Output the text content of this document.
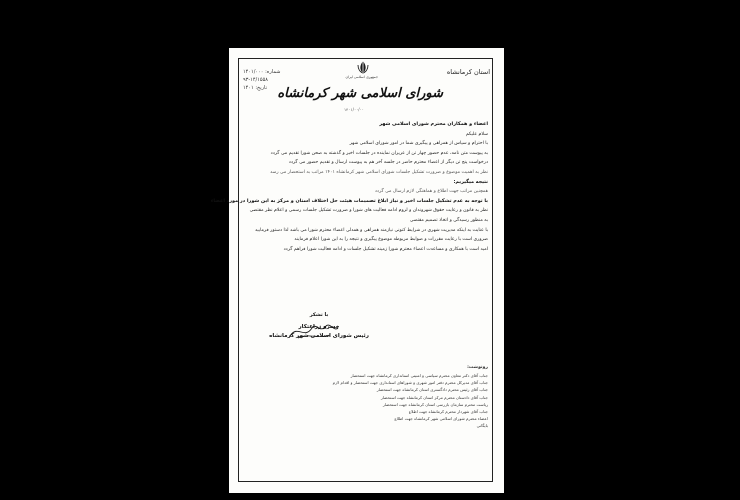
استان کرمانشاه
شماره: ۱۴۰۱/۰۰۰
۹۳-۱۴/۱۵۵۸
تاریخ: ۱۴۰۱
جمهوری اسلامی ایران
شورای اسلامی شهر کرمانشاه
۱۴۰۱/۰۰/۰۰
اعضاء و همکاران محترم شورای اسلامی شهر
سلام علیکم
با احترام و سپاس از همراهی و پیگیری شما در امور شورای اسلامی شهر
به پیوست متن نامه، عدم حضور چهار تن از عزیزان نماینده در جلسات اخیر و گذشته به صحن شورا تقدیم می گردد
درخواست پنج تن دیگر از اعضاء محترم حاضر در جلسه آخر هم به پیوست ارسال و تقدیم حضور می گردد
نظر به اهمیت موضوع و ضرورت تشکیل جلسات شورای اسلامی شهر کرمانشاه ۱۴۰۱ مراتب به استحضار می رسد
نتیجه میگیریم:
همچنین مراتب جهت اطلاع و هماهنگی لازم ارسال می گردد
با توجه به عدم تشکیل جلسات اخیر و نیاز ابلاغ تصمیمات هیئت حل اختلاف استان و مرکز به این شورا در مورد اعضاء
نظر به قانون و رعایت حقوق شهروندان و لزوم ادامه فعالیت های شورا و ضرورت تشکیل جلسات رسمی و اعلام نظر مقتضی
به منظور رسیدگی و اتخاذ تصمیم مقتضی
با عنایت به اینکه مدیریت شهری در شرایط کنونی نیازمند همراهی و همدلی اعضاء محترم شورا می باشد لذا دستور فرمایید
ضروری است با رعایت مقررات و ضوابط مربوطه موضوع پیگیری و نتیجه را به این شورا اعلام فرمایند
امید است با همکاری و مساعدت اعضاء محترم شورا زمینه تشکیل جلسات و ادامه فعالیت شورا فراهم گردد
با تشکر
خسرو زراعتکار
رئیس شورای اسلامی شهر کرمانشاه
رونوشت:
جناب آقای دکتر معاون محترم سیاسی و امنیتی استانداری کرمانشاه جهت استحضار
جناب آقای مدیرکل محترم دفتر امور شهری و شوراهای استانداری جهت استحضار و اقدام لازم
جناب آقای رئیس محترم دادگستری استان کرمانشاه جهت استحضار
جناب آقای دادستان محترم مرکز استان کرمانشاه جهت استحضار
ریاست محترم سازمان بازرسی استان کرمانشاه جهت استحضار
جناب آقای شهردار محترم کرمانشاه جهت اطلاع
اعضاء محترم شورای اسلامی شهر کرمانشاه جهت اطلاع
بایگانی
